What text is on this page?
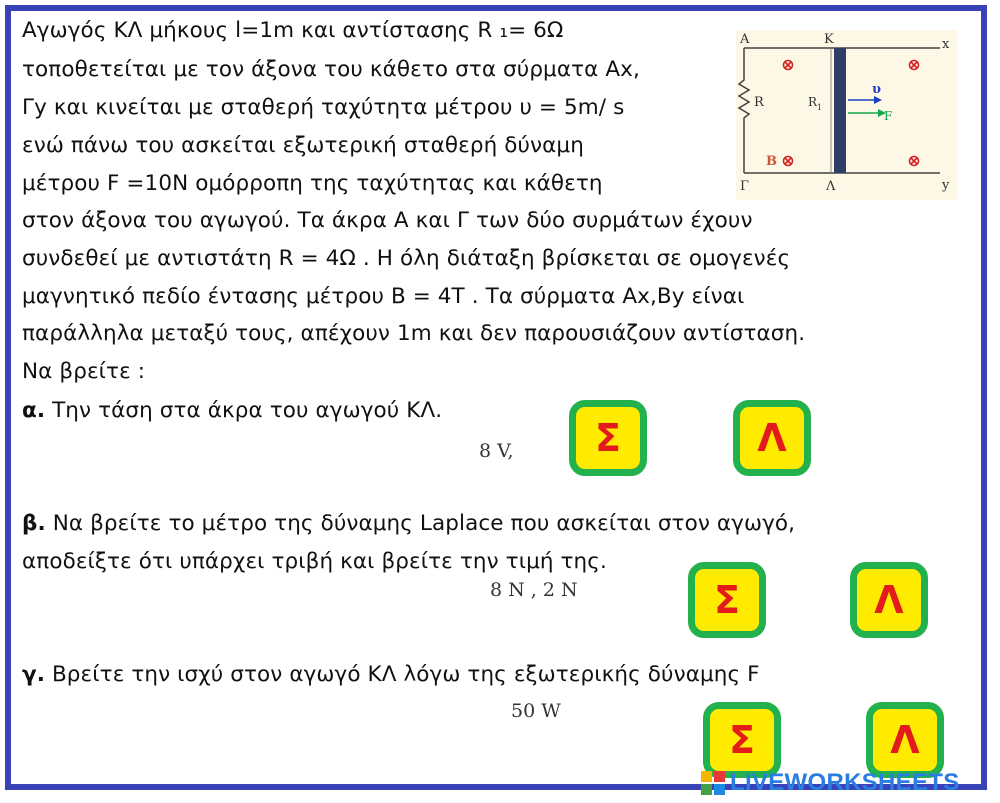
Αγωγός ΚΛ μήκους l=1m και αντίστασης R ₁= 6Ω
τοποθετείται με τον άξονα του κάθετο στα σύρματα Αx,
Γy και κινείται με σταθερή ταχύτητα μέτρου υ = 5m/ s
ενώ πάνω του ασκείται εξωτερική σταθερή δύναμη
μέτρου F =10N ομόρροπη της ταχύτητας και κάθετη
στον άξονα του αγωγού. Τα άκρα Α και Γ των δύο συρμάτων έχουν
συνδεθεί με αντιστάτη R = 4Ω . Η όλη διάταξη βρίσκεται σε ομογενές
μαγνητικό πεδίο έντασης μέτρου Β = 4Τ . Τα σύρματα Αx,By είναι
παράλληλα μεταξύ τους, απέχουν 1m και δεν παρουσιάζουν αντίσταση.
Να βρείτε :
A	K	x
Γ	Λ	y
R	R 1
υ
F
B
α. Την τάση στα άκρα του αγωγού ΚΛ.
8 V,	Σ	Λ
β. Να βρείτε το μέτρο της δύναμης Laplace που ασκείται στον αγωγό,
αποδείξτε ότι υπάρχει τριβή και βρείτε την τιμή της.
8 N , 2 N	Σ	Λ
γ. Βρείτε την ισχύ στον αγωγό ΚΛ λόγω της εξωτερικής δύναμης F
50 W
Σ	Λ
LIVEWORKSHEETS
